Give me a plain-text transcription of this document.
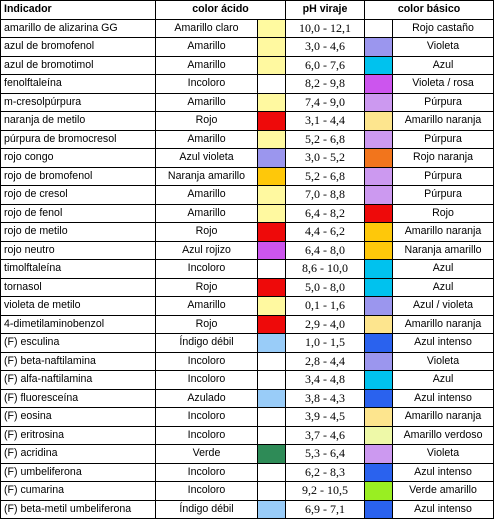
Indicador	color ácido		pH viraje	color básico	
amarillo de alizarina GG	Amarillo claro		10,0 - 12,1		Rojo castaño
azul de bromofenol	Amarillo		3,0 - 4,6		Violeta
azul de bromotimol	Amarillo		6,0 - 7,6		Azul
fenolftaleína	Incoloro		8,2 - 9,8		Violeta / rosa
m-cresolpúrpura	Amarillo		7,4 - 9,0		Púrpura
naranja de metilo	Rojo		3,1 - 4,4		Amarillo naranja
púrpura de bromocresol	Amarillo		5,2 - 6,8		Púrpura
rojo congo	Azul violeta		3,0 - 5,2		Rojo naranja
rojo de bromofenol	Naranja amarillo		5,2 - 6,8		Púrpura
rojo de cresol	Amarillo		7,0 - 8,8		Púrpura
rojo de fenol	Amarillo		6,4 - 8,2		Rojo
rojo de metilo	Rojo		4,4 - 6,2		Amarillo naranja
rojo neutro	Azul rojizo		6,4 - 8,0		Naranja amarillo
timolftaleína	Incoloro		8,6 - 10,0		Azul
tornasol	Rojo		5,0 - 8,0		Azul
violeta de metilo	Amarillo		0,1 - 1,6		Azul / violeta
4-dimetilaminobenzol	Rojo		2,9 - 4,0		Amarillo naranja
(F) esculina	Índigo débil		1,0 - 1,5		Azul intenso
(F) beta-naftilamina	Incoloro		2,8 - 4,4		Violeta
(F) alfa-naftilamina	Incoloro		3,4 - 4,8		Azul
(F) fluoresceína	Azulado		3,8 - 4,3		Azul intenso
(F) eosina	Incoloro		3,9 - 4,5		Amarillo naranja
(F) eritrosina	Incoloro		3,7 - 4,6		Amarillo verdoso
(F) acridina	Verde		5,3 - 6,4		Violeta
(F) umbeliferona	Incoloro		6,2 - 8,3		Azul intenso
(F) cumarina	Incoloro		9,2 - 10,5		Verde amarillo
(F) beta-metil umbeliferona	Índigo débil		6,9 - 7,1		Azul intenso
